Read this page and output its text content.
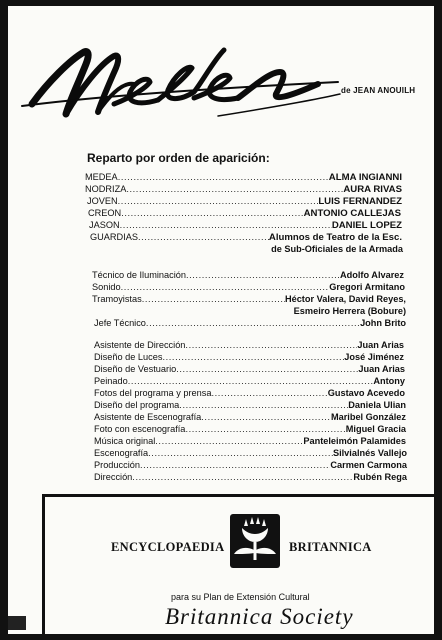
de JEAN ANOUILH
Reparto por orden de aparición:
MEDEA .....	ALMA INGIANNI
NODRIZA .....	AURA RIVAS
JOVEN .....	LUIS FERNANDEZ
CREON .....	ANTONIO CALLEJAS
JASON .....	DANIEL LOPEZ
GUARDIAS .....	Alumnos de Teatro de la Esc.
de Sub-Oficiales de la Armada
Técnico de Iluminación .....	Adolfo Alvarez
Sonido .....	Gregori Armitano
Tramoyistas .....	Héctor Valera, David Reyes,
Esmeiro Herrera (Bobure)
Jefe Técnico .....	John Brito
Asistente de Dirección .....	Juan Arias
Diseño de Luces .....	José Jiménez
Diseño de Vestuario .....	Juan Arias
Peinado .....	Antony
Fotos del programa y prensa .....	Gustavo Acevedo
Diseño del programa .....	Daniela Ulian
Asistente de Escenografía .....	Maribel González
Foto con escenografía .....	Miguel Gracia
Música original .....	Panteleimón Palamides
Escenografía .....	Silvialnés Vallejo
Producción .....	Carmen Carmona
Dirección .....	Rubén Rega
ENCYCLOPAEDIA	BRITANNICA
para su Plan de Extensión Cultural
Britannica Society
